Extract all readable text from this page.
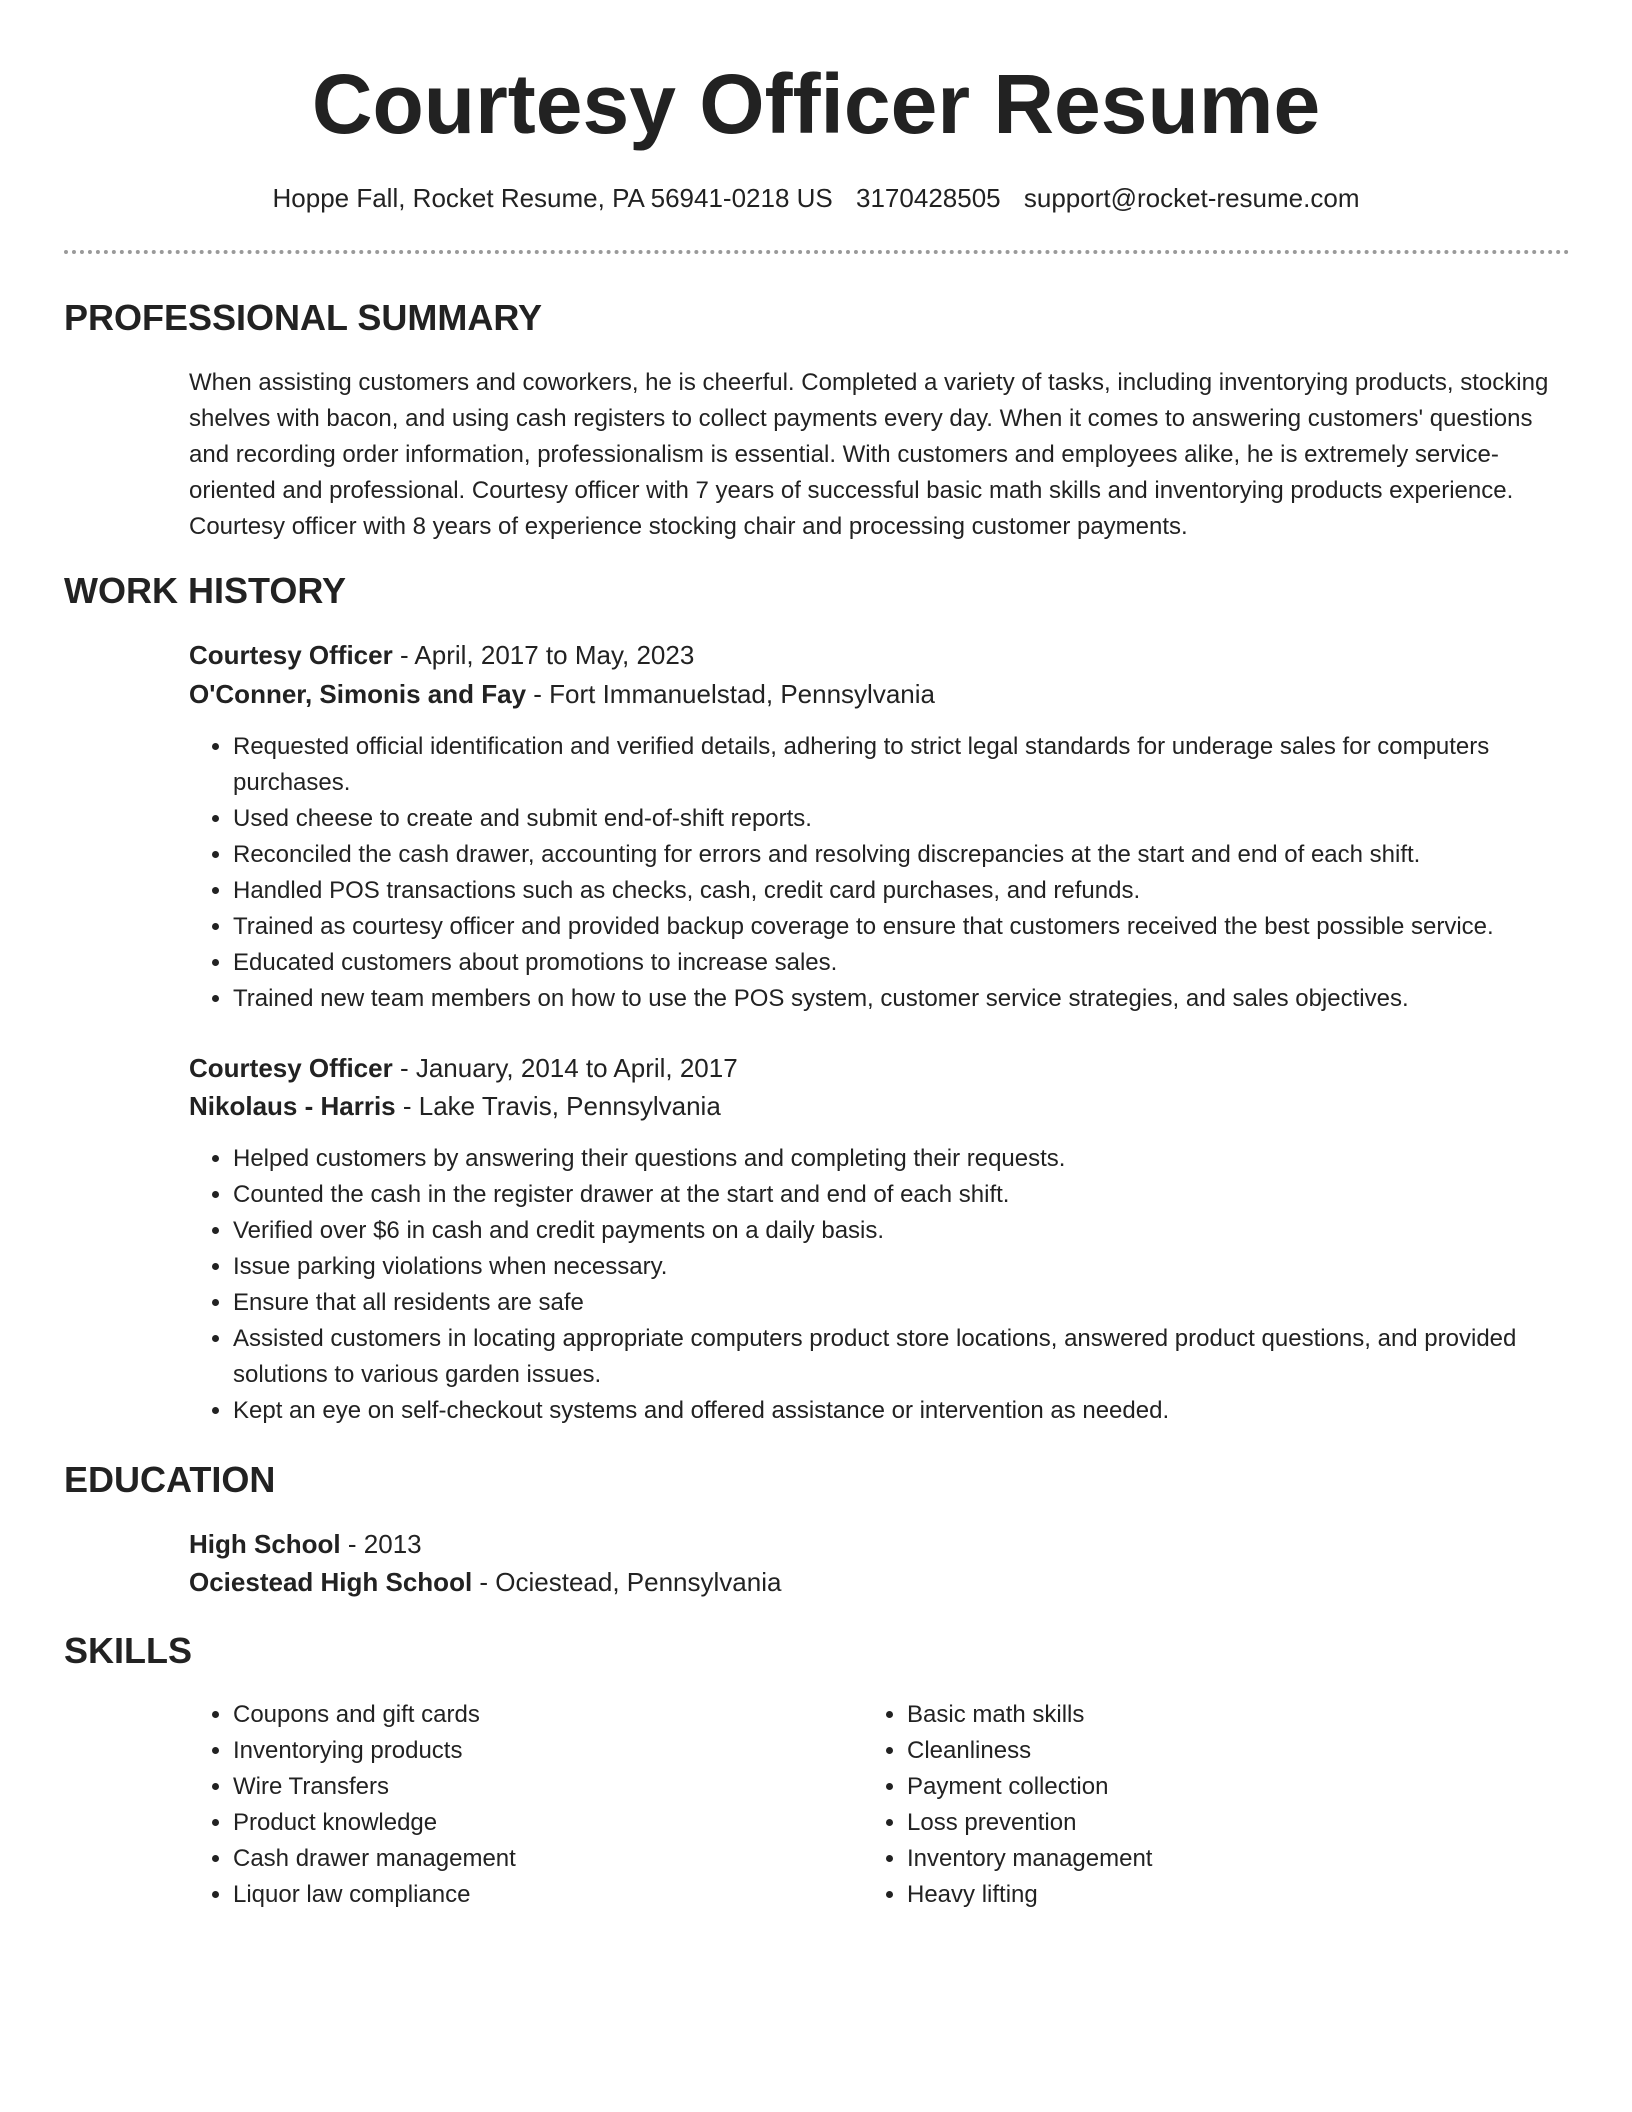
Courtesy Officer Resume
Hoppe Fall, Rocket Resume, PA 56941-0218 US 3170428505 support@rocket-resume.com
PROFESSIONAL SUMMARY

When assisting customers and coworkers, he is cheerful. Completed a variety of tasks, including inventorying products, stocking shelves with bacon, and using cash registers to collect payments every day. When it comes to answering customers' questions and recording order information, professionalism is essential. With customers and employees alike, he is extremely service-oriented and professional. Courtesy officer with 7 years of successful basic math skills and inventorying products experience. Courtesy officer with 8 years of experience stocking chair and processing customer payments.

WORK HISTORY
Courtesy Officer - April, 2017 to May, 2023
O'Conner, Simonis and Fay - Fort Immanuelstad, Pennsylvania
• Requested official identification and verified details, adhering to strict legal standards for underage sales for computers purchases.
• Used cheese to create and submit end-of-shift reports.
• Reconciled the cash drawer, accounting for errors and resolving discrepancies at the start and end of each shift.
• Handled POS transactions such as checks, cash, credit card purchases, and refunds.
• Trained as courtesy officer and provided backup coverage to ensure that customers received the best possible service.
• Educated customers about promotions to increase sales.
• Trained new team members on how to use the POS system, customer service strategies, and sales objectives.
Courtesy Officer - January, 2014 to April, 2017
Nikolaus - Harris - Lake Travis, Pennsylvania
• Helped customers by answering their questions and completing their requests.
• Counted the cash in the register drawer at the start and end of each shift.
• Verified over $6 in cash and credit payments on a daily basis.
• Issue parking violations when necessary.
• Ensure that all residents are safe
• Assisted customers in locating appropriate computers product store locations, answered product questions, and provided solutions to various garden issues.
• Kept an eye on self-checkout systems and offered assistance or intervention as needed.
EDUCATION
High School - 2013
Ociestead High School - Ociestead, Pennsylvania
SKILLS
• Coupons and gift cards
• Inventorying products
• Wire Transfers
• Product knowledge
• Cash drawer management
• Liquor law compliance
• Basic math skills
• Cleanliness
• Payment collection
• Loss prevention
• Inventory management
• Heavy lifting
